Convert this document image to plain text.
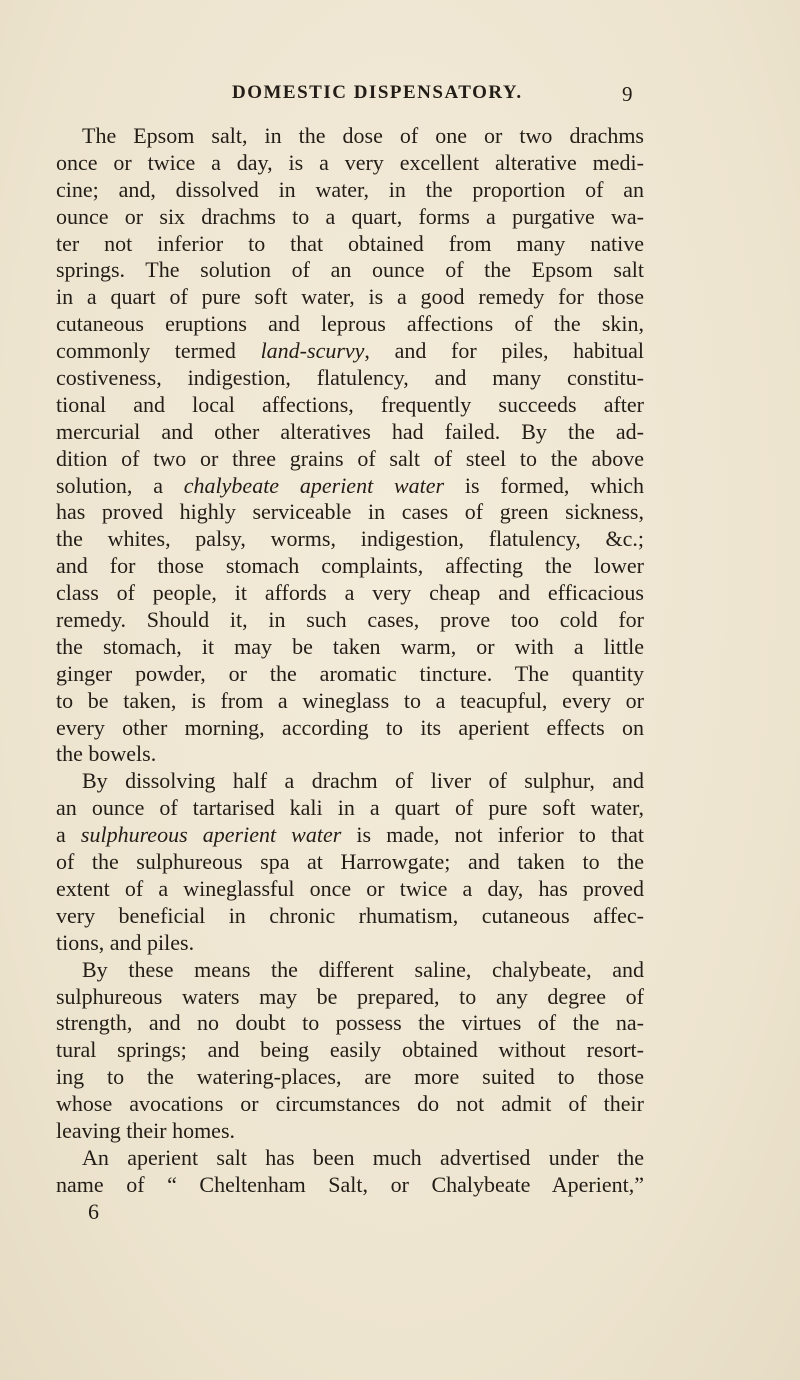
DOMESTIC DISPENSATORY.	9
The Epsom salt, in the dose of one or two drachms
once or twice a day, is a very excellent alterative medi-
cine; and, dissolved in water, in the proportion of an
ounce or six drachms to a quart, forms a purgative wa-
ter not inferior to that obtained from many native
springs. The solution of an ounce of the Epsom salt
in a quart of pure soft water, is a good remedy for those
cutaneous eruptions and leprous affections of the skin,
commonly termed land-scurvy, and for piles, habitual
costiveness, indigestion, flatulency, and many constitu-
tional and local affections, frequently succeeds after
mercurial and other alteratives had failed. By the ad-
dition of two or three grains of salt of steel to the above
solution, a chalybeate aperient water is formed, which
has proved highly serviceable in cases of green sickness,
the whites, palsy, worms, indigestion, flatulency, &c.;
and for those stomach complaints, affecting the lower
class of people, it affords a very cheap and efficacious
remedy. Should it, in such cases, prove too cold for
the stomach, it may be taken warm, or with a little
ginger powder, or the aromatic tincture. The quantity
to be taken, is from a wineglass to a teacupful, every or
every other morning, according to its aperient effects on
the bowels.
By dissolving half a drachm of liver of sulphur, and
an ounce of tartarised kali in a quart of pure soft water,
a sulphureous aperient water is made, not inferior to that
of the sulphureous spa at Harrowgate; and taken to the
extent of a wineglassful once or twice a day, has proved
very beneficial in chronic rhumatism, cutaneous affec-
tions, and piles.
By these means the different saline, chalybeate, and
sulphureous waters may be prepared, to any degree of
strength, and no doubt to possess the virtues of the na-
tural springs; and being easily obtained without resort-
ing to the watering-places, are more suited to those
whose avocations or circumstances do not admit of their
leaving their homes.
An aperient salt has been much advertised under the
name of “ Cheltenham Salt, or Chalybeate Aperient,”
6
